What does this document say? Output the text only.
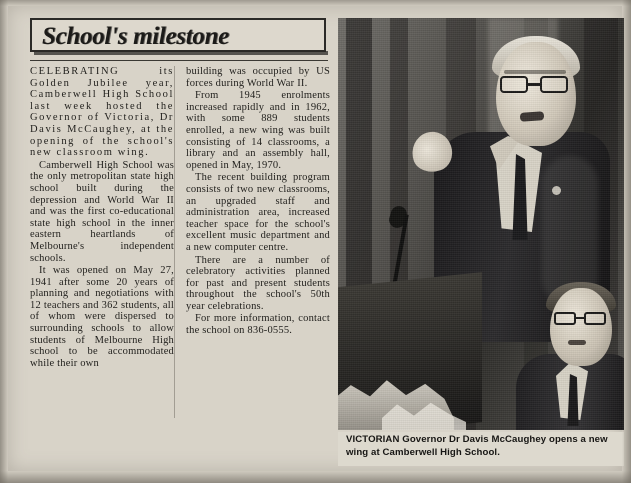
School's milestone

CELEBRATING its Golden Jubilee year, Camberwell High School last week hosted the Governor of Victoria, Dr Davis McCaughey, at the opening of the school's new classroom wing.

Camberwell High School was the only metropolitan state high school built during the depression and World War II and was the first co-educational state high school in the inner eastern heartlands of Melbourne's independent schools.

It was opened on May 27, 1941 after some 20 years of planning and negotiations with 12 teachers and 362 students, all of whom were dispersed to surrounding schools to allow students of Melbourne High school to be accommodated while their own

building was occupied by US forces during World War II.

From 1945 enrolments increased rapidly and in 1962, with some 889 students enrolled, a new wing was built consisting of 14 classrooms, a library and an assembly hall, opened in May, 1970.

The recent building program consists of two new classrooms, an upgraded staff and administration area, increased teacher space for the school's excellent music department and a new computer centre.

There are a number of celebratory activities planned for past and present students throughout the school's 50th year celebrations.

For more information, contact the school on 836-0555.

VICTORIAN Governor Dr Davis McCaughey opens a new wing at Camberwell High School.
